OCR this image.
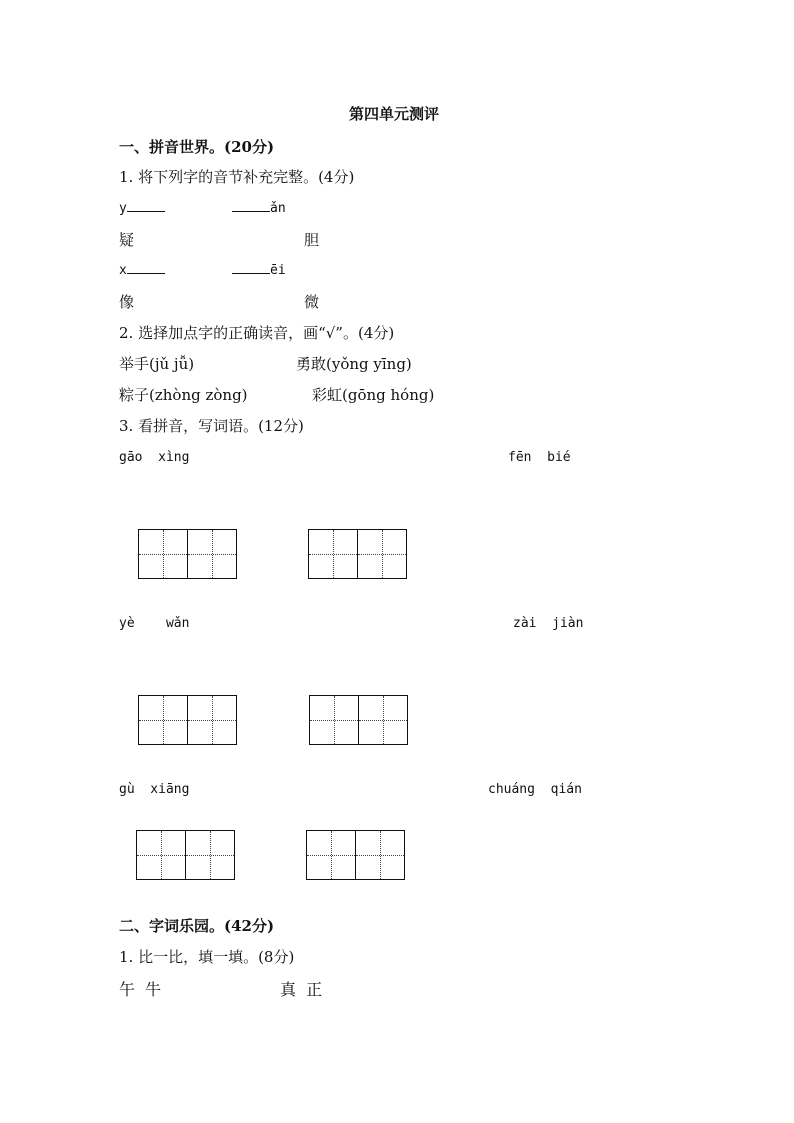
第四单元测评
一、拼音世界。(20分)
1. 将下列字的音节补充完整。(4分)
y	ǎn
疑	胆
x	ēi
像	微
2. 选择加点字的正确读音，画“√”。(4分)
举手(jǔ jǚ)	勇敢(yǒng yīng)
粽子(zhòng zòng)	彩虹(gōng hóng)
3. 看拼音，写词语。(12分)
gāo  xìng	fēn  bié
yè    wǎn	zài  jiàn
gù  xiāng	chuáng  qián
二、字词乐园。(42分)
1. 比一比，填一填。(8分)
午  牛	真  正
